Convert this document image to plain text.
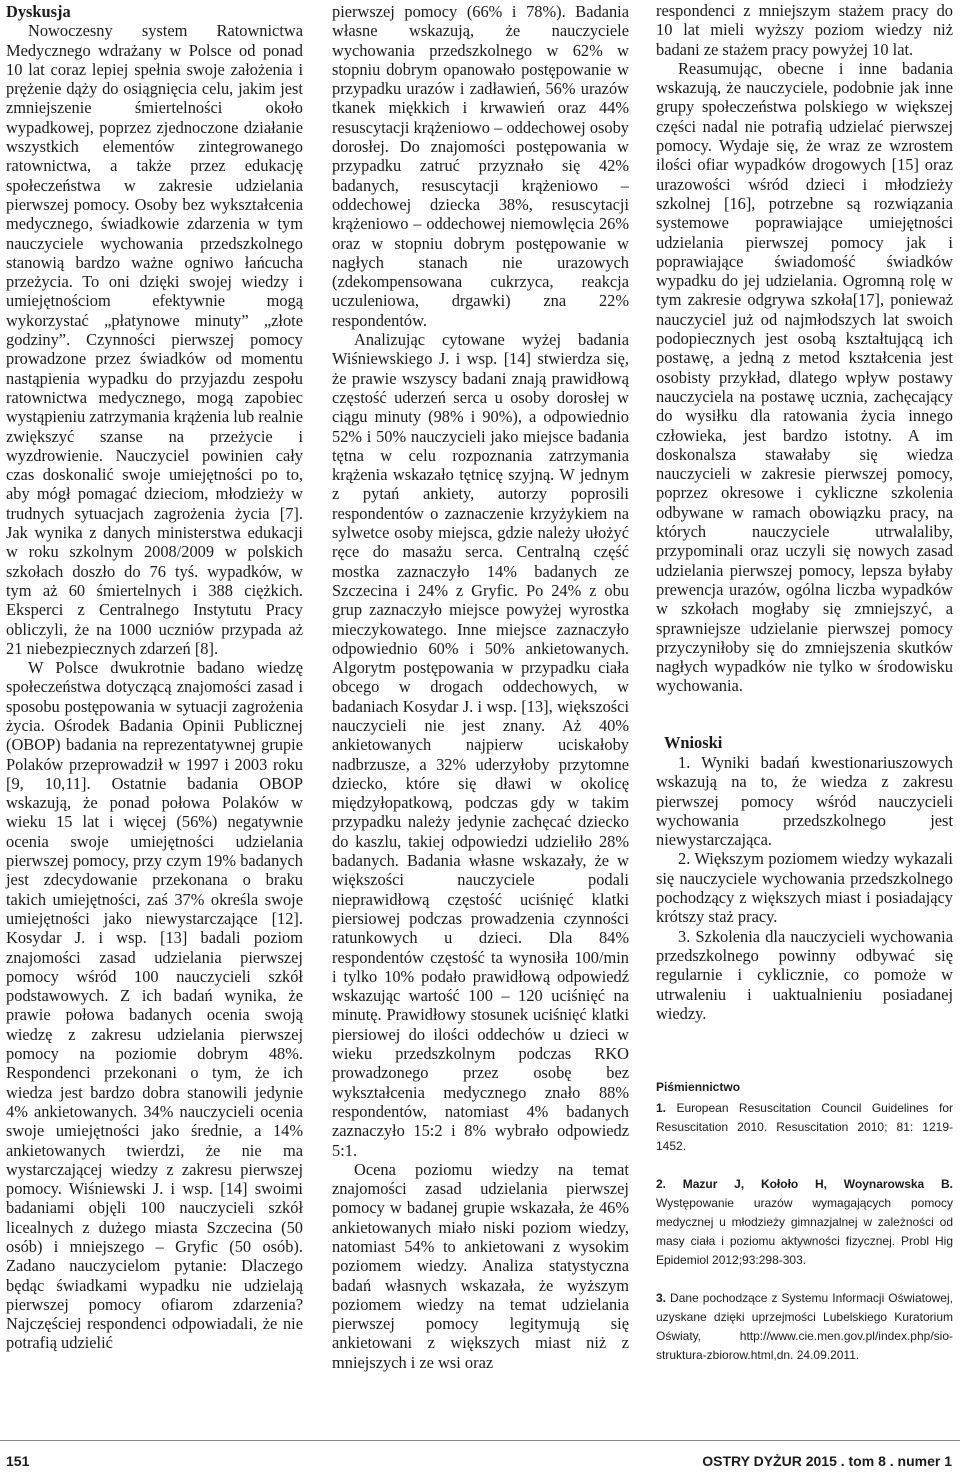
Dyskusja

Nowoczesny system Ratownictwa Medycznego wdrażany w Polsce od ponad 10 lat coraz lepiej spełnia swoje założenia i prężenie dąży do osiągnięcia celu, jakim jest zmniejszenie śmiertelności około wypadkowej, poprzez zjednoczone działanie wszystkich elementów zintegrowanego ratownictwa, a także przez edukację społeczeństwa w zakresie udzielania pierwszej pomocy. Osoby bez wykształcenia medycznego, świadkowie zdarzenia w tym nauczyciele wychowania przedszkolnego stanowią bardzo ważne ogniwo łańcucha przeżycia. To oni dzięki swojej wiedzy i umiejętnościom efektywnie mogą wykorzystać „płatynowe minuty” „złote godziny”. Czynności pierwszej pomocy prowadzone przez świadków od momentu nastąpienia wypadku do przyjazdu zespołu ratownictwa medycznego, mogą zapobiec wystąpieniu zatrzymania krążenia lub realnie zwiększyć szanse na przeżycie i wyzdrowienie. Nauczyciel powinien cały czas doskonalić swoje umiejętności po to, aby mógł pomagać dzieciom, młodzieży w trudnych sytuacjach zagrożenia życia [7]. Jak wynika z danych ministerstwa edukacji w roku szkolnym 2008/2009 w polskich szkołach doszło do 76 tyś. wypadków, w tym aż 60 śmiertelnych i 388 ciężkich. Eksperci z Centralnego Instytutu Pracy obliczyli, że na 1000 uczniów przypada aż 21 niebezpiecznych zdarzeń [8].

W Polsce dwukrotnie badano wiedzę społeczeństwa dotyczącą znajomości zasad i sposobu postępowania w sytuacji zagrożenia życia. Ośrodek Badania Opinii Publicznej (OBOP) badania na reprezentatywnej grupie Polaków przeprowadził w 1997 i 2003 roku [9, 10,11]. Ostatnie badania OBOP wskazują, że ponad połowa Polaków w wieku 15 lat i więcej (56%) negatywnie ocenia swoje umiejętności udzielania pierwszej pomocy, przy czym 19% badanych jest zdecydowanie przekonana o braku takich umiejętności, zaś 37% określa swoje umiejętności jako niewystarczające [12]. Kosydar J. i wsp. [13] badali poziom znajomości zasad udzielania pierwszej pomocy wśród 100 nauczycieli szkół podstawowych. Z ich badań wynika, że prawie połowa badanych ocenia swoją wiedzę z zakresu udzielania pierwszej pomocy na poziomie dobrym 48%. Respondenci przekonani o tym, że ich wiedza jest bardzo dobra stanowili jedynie 4% ankietowanych. 34% nauczycieli ocenia swoje umiejętności jako średnie, a 14% ankietowanych twierdzi, że nie ma wystarczającej wiedzy z zakresu pierwszej pomocy. Wiśniewski J. i wsp. [14] swoimi badaniami objęli 100 nauczycieli szkół licealnych z dużego miasta Szczecina (50 osób) i mniejszego – Gryfic (50 osób). Zadano nauczycielom pytanie: Dlaczego będąc świadkami wypadku nie udzielają pierwszej pomocy ofiarom zdarzenia? Najczęściej respondenci odpowiadali, że nie potrafią udzielić

pierwszej pomocy (66% i 78%). Badania własne wskazują, że nauczyciele wychowania przedszkolnego w 62% w stopniu dobrym opanowało postępowanie w przypadku urazów i zadławień, 56% urazów tkanek miękkich i krwawień oraz 44% resuscytacji krążeniowo – oddechowej osoby dorosłej. Do znajomości postępowania w przypadku zatruć przyznało się 42% badanych, resuscytacji krążeniowo – oddechowej dziecka 38%, resuscytacji krążeniowo – oddechowej niemowlęcia 26% oraz w stopniu dobrym postępowanie w nagłych stanach nie urazowych (zdekompensowana cukrzyca, reakcja uczuleniowa, drgawki) zna 22% respondentów.

Analizując cytowane wyżej badania Wiśniewskiego J. i wsp. [14] stwierdza się, że prawie wszyscy badani znają prawidłową częstość uderzeń serca u osoby dorosłej w ciągu minuty (98% i 90%), a odpowiednio 52% i 50% nauczycieli jako miejsce badania tętna w celu rozpoznania zatrzymania krążenia wskazało tętnicę szyjną. W jednym z pytań ankiety, autorzy poprosili respondentów o zaznaczenie krzyżykiem na sylwetce osoby miejsca, gdzie należy ułożyć ręce do masażu serca. Centralną część mostka zaznaczyło 14% badanych ze Szczecina i 24% z Gryfic. Po 24% z obu grup zaznaczyło miejsce powyżej wyrostka mieczykowatego. Inne miejsce zaznaczyło odpowiednio 60% i 50% ankietowanych. Algorytm postępowania w przypadku ciała obcego w drogach oddechowych, w badaniach Kosydar J. i wsp. [13], większości nauczycieli nie jest znany. Aż 40% ankietowanych najpierw uciskałoby nadbrzusze, a 32% uderzyłoby przytomne dziecko, które się dławi w okolicę międzyłopatkową, podczas gdy w takim przypadku należy jedynie zachęcać dziecko do kaszlu, takiej odpowiedzi udzieliło 28% badanych. Badania własne wskazały, że w większości nauczyciele podali nieprawidłową częstość uciśnięć klatki piersiowej podczas prowadzenia czynności ratunkowych u dzieci. Dla 84% respondentów częstość ta wynosiła 100/min i tylko 10% podało prawidłową odpowiedź wskazując wartość 100 – 120 uciśnięć na minutę. Prawidłowy stosunek uciśnięć klatki piersiowej do ilości oddechów u dzieci w wieku przedszkolnym podczas RKO prowadzonego przez osobę bez wykształcenia medycznego znało 88% respondentów, natomiast 4% badanych zaznaczyło 15:2 i 8% wybrało odpowiedz 5:1.

Ocena poziomu wiedzy na temat znajomości zasad udzielania pierwszej pomocy w badanej grupie wskazała, że 46% ankietowanych miało niski poziom wiedzy, natomiast 54% to ankietowani z wysokim poziomem wiedzy. Analiza statystyczna badań własnych wskazała, że wyższym poziomem wiedzy na temat udzielania pierwszej pomocy legitymują się ankietowani z większych miast niż z mniejszych i ze wsi oraz

respondenci z mniejszym stażem pracy do 10 lat mieli wyższy poziom wiedzy niż badani ze stażem pracy powyżej 10 lat.

Reasumując, obecne i inne badania wskazują, że nauczyciele, podobnie jak inne grupy społeczeństwa polskiego w większej części nadal nie potrafią udzielać pierwszej pomocy. Wydaje się, że wraz ze wzrostem ilości ofiar wypadków drogowych [15] oraz urazowości wśród dzieci i młodzieży szkolnej [16], potrzebne są rozwiązania systemowe poprawiające umiejętności udzielania pierwszej pomocy jak i poprawiające świadomość świadków wypadku do jej udzielania. Ogromną rolę w tym zakresie odgrywa szkoła[17], ponieważ nauczyciel już od najmłodszych lat swoich podopiecznych jest osobą kształtującą ich postawę, a jedną z metod kształcenia jest osobisty przykład, dlatego wpływ postawy nauczyciela na postawę ucznia, zachęcający do wysiłku dla ratowania życia innego człowieka, jest bardzo istotny. A im doskonalsza stawałaby się wiedza nauczycieli w zakresie pierwszej pomocy, poprzez okresowe i cykliczne szkolenia odbywane w ramach obowiązku pracy, na których nauczyciele utrwalaliby, przypominali oraz uczyli się nowych zasad udzielania pierwszej pomocy, lepsza byłaby prewencja urazów, ogólna liczba wypadków w szkołach mogłaby się zmniejszyć, a sprawniejsze udzielanie pierwszej pomocy przyczyniłoby się do zmniejszenia skutków nagłych wypadków nie tylko w środowisku wychowania.

Wnioski

1. Wyniki badań kwestionariuszowych wskazują na to, że wiedza z zakresu pierwszej pomocy wśród nauczycieli wychowania przedszkolnego jest niewystarczająca.

2. Większym poziomem wiedzy wykazali się nauczyciele wychowania przedszkolnego pochodzący z większych miast i posiadający krótszy staż pracy.

3. Szkolenia dla nauczycieli wychowania przedszkolnego powinny odbywać się regularnie i cyklicznie, co pomoże w utrwaleniu i uaktualnieniu posiadanej wiedzy.

Piśmiennictwo
1. European Resuscitation Council Guidelines for Resuscitation 2010. Resuscitation 2010; 81: 1219-1452.
2. Mazur J, Kołoło H, Woynarowska B. Występowanie urazów wymagających pomocy medycznej u młodzieży gimnazjalnej w zależności od masy ciała i poziomu aktywności fizycznej. Probl Hig Epidemiol 2012;93:298-303.
3. Dane pochodzące z Systemu Informacji Oświatowej, uzyskane dzięki uprzejmości Lubelskiego Kuratorium Oświaty, http://www.cie.men.gov.pl/index.php/sio-struktura-zbiorow.html,dn. 24.09.2011.
151	OSTRY DYŻUR 2015 . tom 8 . numer 1
